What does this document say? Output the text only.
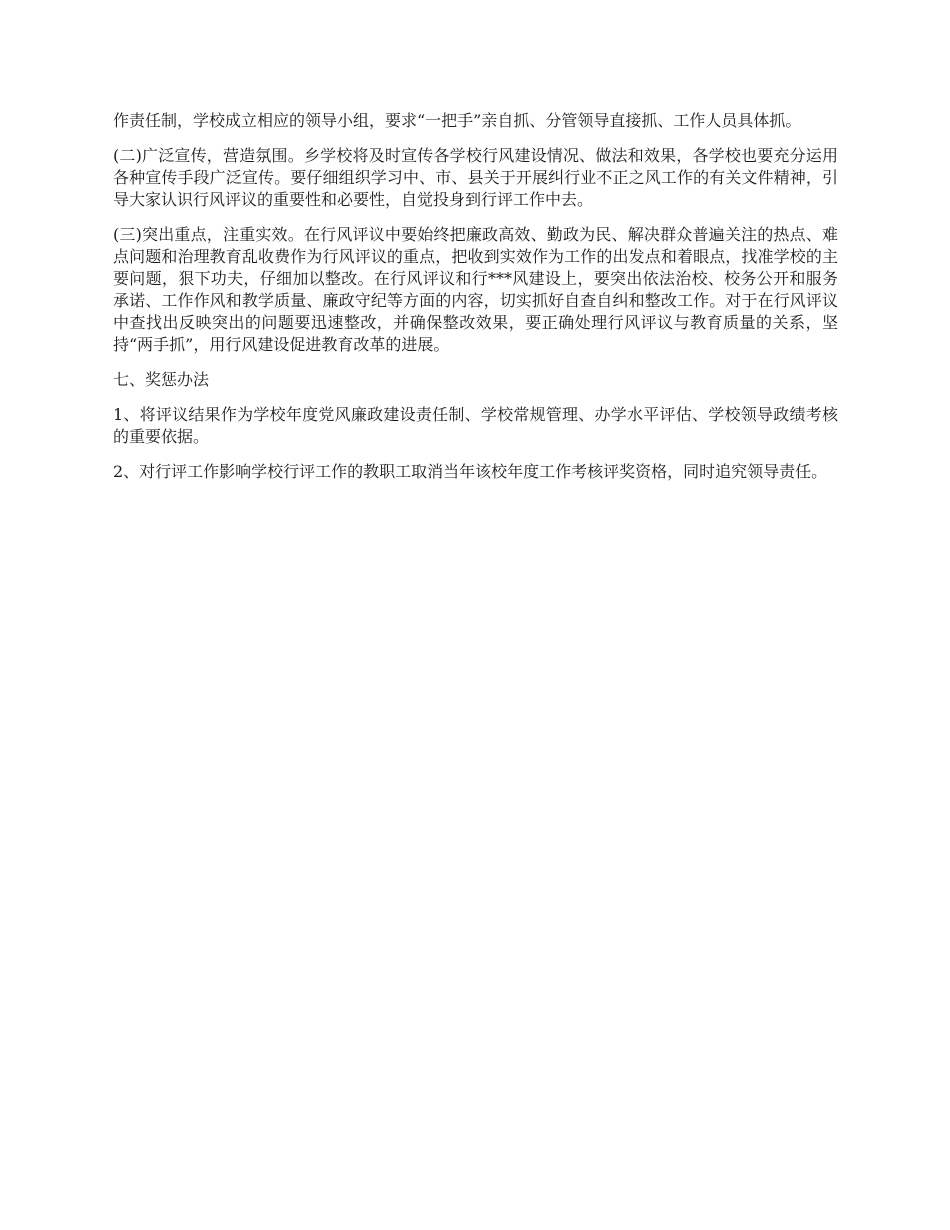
作责任制，学校成立相应的领导小组，要求“一把手”亲自抓、分管领导直接抓、工作人员具体抓。

(二)广泛宣传，营造氛围。乡学校将及时宣传各学校行风建设情况、做法和效果，各学校也要充分运用各种宣传手段广泛宣传。要仔细组织学习中、市、县关于开展纠行业不正之风工作的有关文件精神，引导大家认识行风评议的重要性和必要性，自觉投身到行评工作中去。

(三)突出重点，注重实效。在行风评议中要始终把廉政高效、勤政为民、解决群众普遍关注的热点、难点问题和治理教育乱收费作为行风评议的重点，把收到实效作为工作的出发点和着眼点，找准学校的主要问题，狠下功夫，仔细加以整改。在行风评议和行***风建设上，要突出依法治校、校务公开和服务承诺、工作作风和教学质量、廉政守纪等方面的内容，切实抓好自查自纠和整改工作。对于在行风评议中查找出反映突出的问题要迅速整改，并确保整改效果，要正确处理行风评议与教育质量的关系，坚持“两手抓”，用行风建设促进教育改革的进展。

七、奖惩办法

1、将评议结果作为学校年度党风廉政建设责任制、学校常规管理、办学水平评估、学校领导政绩考核的重要依据。

2、对行评工作影响学校行评工作的教职工取消当年该校年度工作考核评奖资格，同时追究领导责任。
